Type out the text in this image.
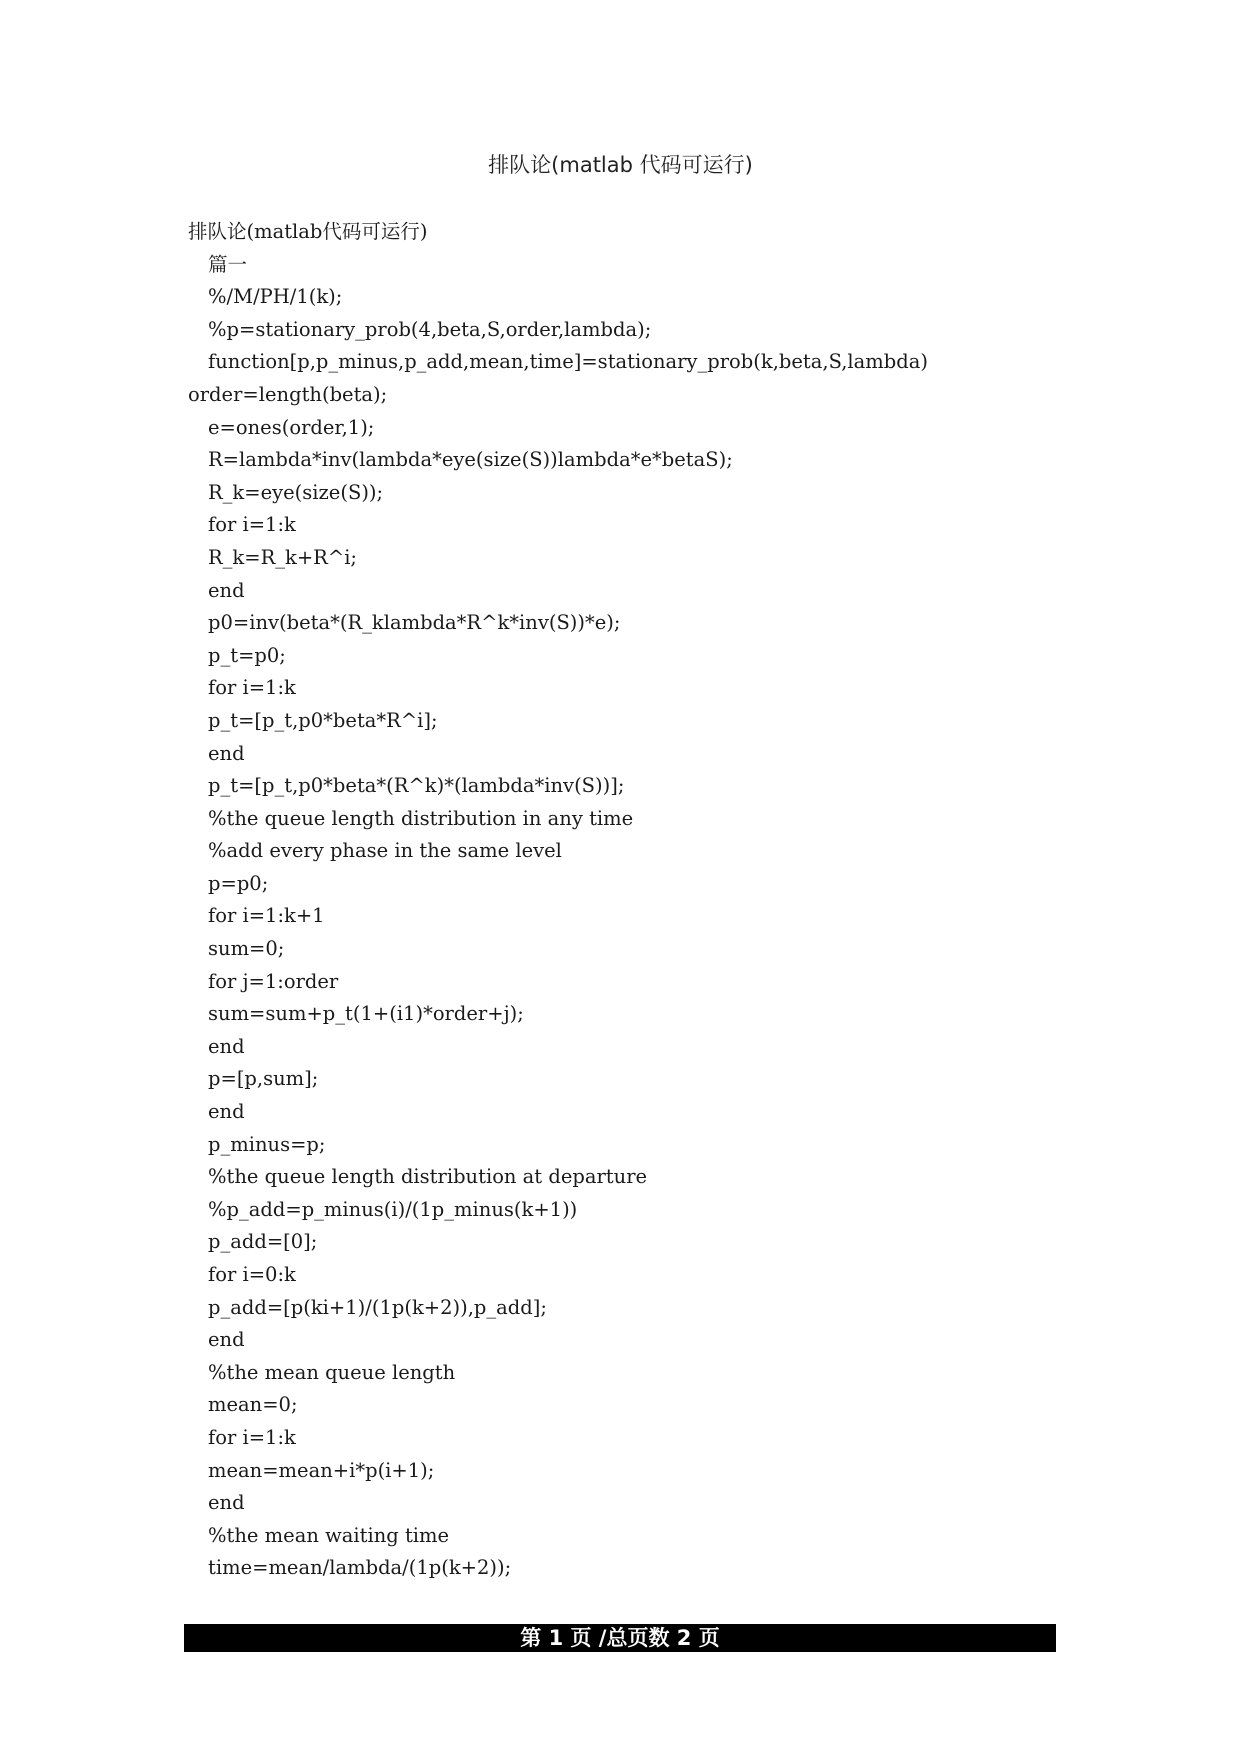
排队论(matlab 代码可运行)
排队论(matlab代码可运行)
篇一
%/M/PH/1(k);
%p=stationary_prob(4,beta,S,order,lambda);
function[p,p_minus,p_add,mean,time]=stationary_prob(k,beta,S,lambda)
order=length(beta);
e=ones(order,1);
R=lambda*inv(lambda*eye(size(S))lambda*e*betaS);
R_k=eye(size(S));
for i=1:k
R_k=R_k+R^i;
end
p0=inv(beta*(R_klambda*R^k*inv(S))*e);
p_t=p0;
for i=1:k
p_t=[p_t,p0*beta*R^i];
end
p_t=[p_t,p0*beta*(R^k)*(lambda*inv(S))];
%the queue length distribution in any time
%add every phase in the same level
p=p0;
for i=1:k+1
sum=0;
for j=1:order
sum=sum+p_t(1+(i1)*order+j);
end
p=[p,sum];
end
p_minus=p;
%the queue length distribution at departure
%p_add=p_minus(i)/(1p_minus(k+1))
p_add=[0];
for i=0:k
p_add=[p(ki+1)/(1p(k+2)),p_add];
end
%the mean queue length
mean=0;
for i=1:k
mean=mean+i*p(i+1);
end
%the mean waiting time
time=mean/lambda/(1p(k+2));
第 1 页 /总页数 2 页
